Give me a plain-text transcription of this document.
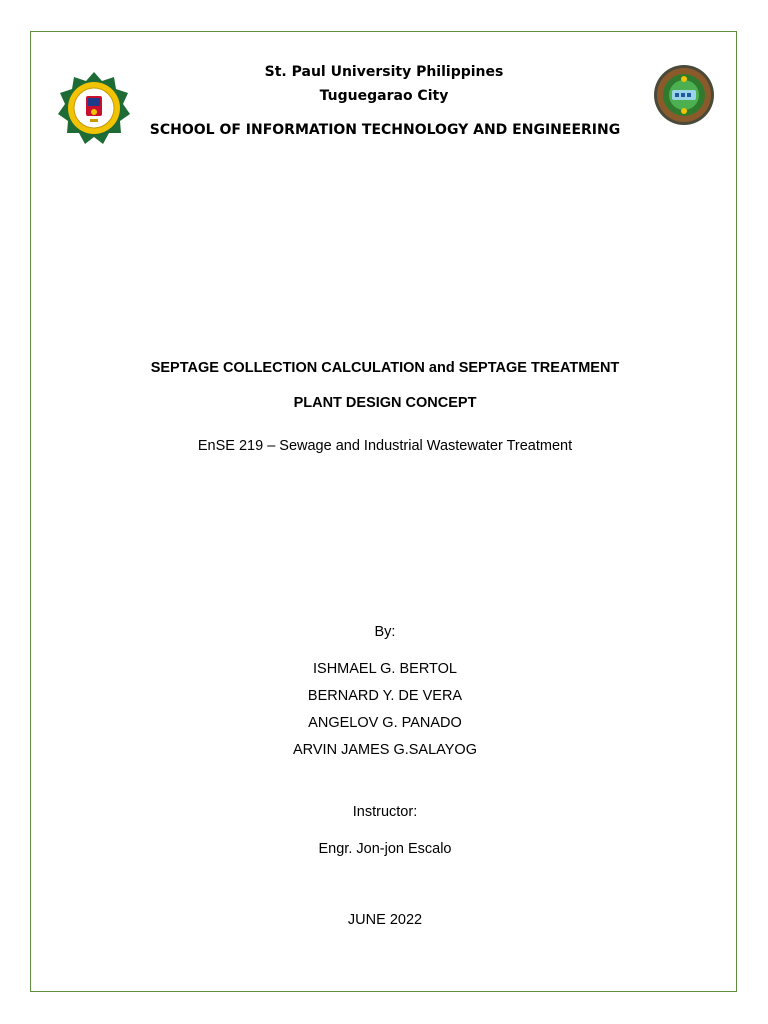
St. Paul University Philippines
Tuguegarao City
SCHOOL OF INFORMATION TECHNOLOGY AND ENGINEERING
SEPTAGE COLLECTION CALCULATION and SEPTAGE TREATMENT
PLANT DESIGN CONCEPT
EnSE 219 – Sewage and Industrial Wastewater Treatment
By:
ISHMAEL G. BERTOL
BERNARD Y. DE VERA
ANGELOV G. PANADO
ARVIN JAMES G.SALAYOG
Instructor:
Engr. Jon-jon Escalo
JUNE 2022
